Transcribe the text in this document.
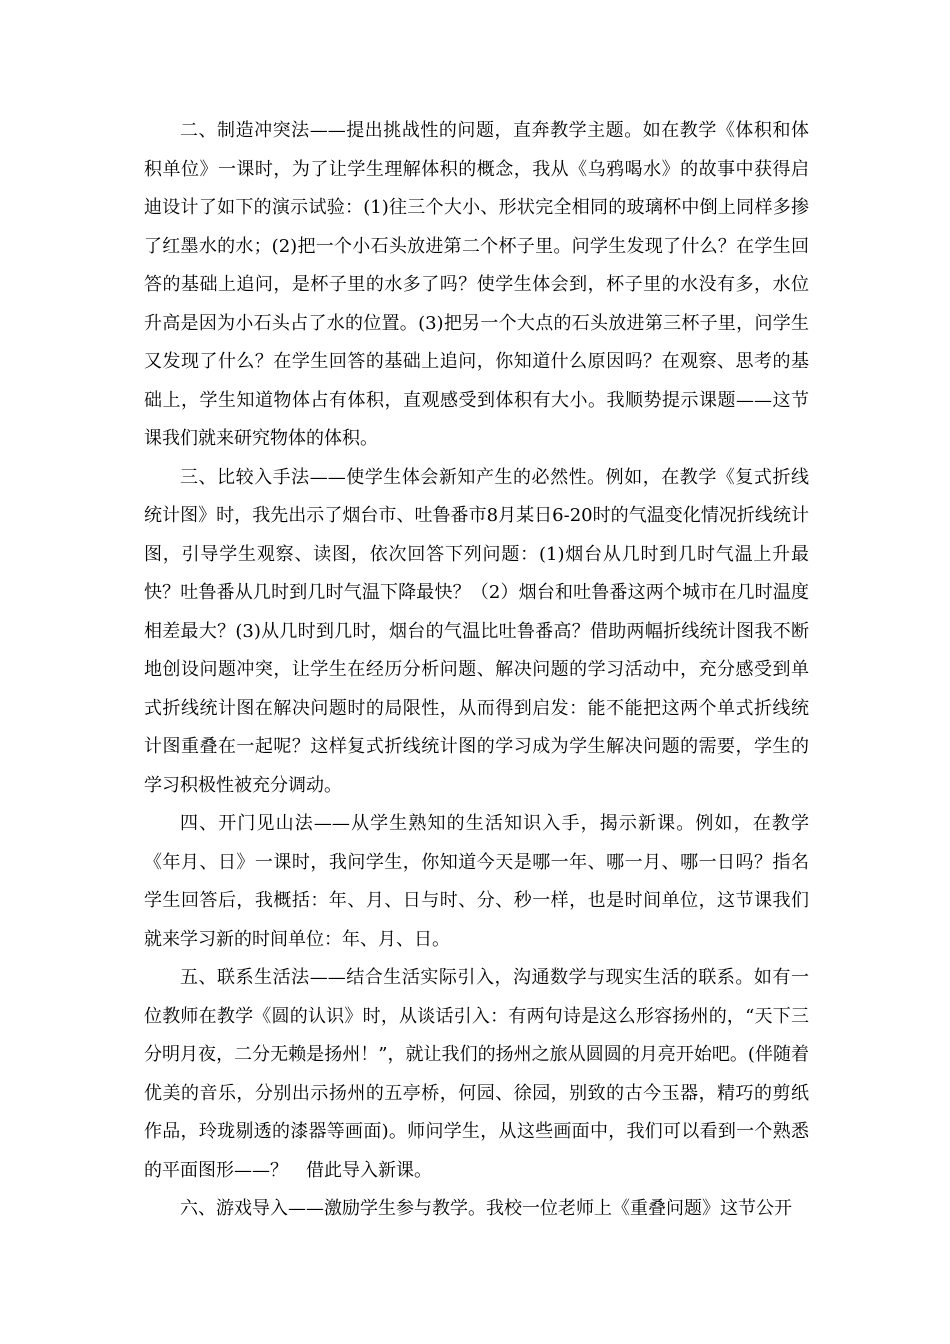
二、制造冲突法——提出挑战性的问题，直奔教学主题。如在教学《体积和体积单位》一课时，为了让学生理解体积的概念，我从《乌鸦喝水》的故事中获得启迪设计了如下的演示试验：(1)往三个大小、形状完全相同的玻璃杯中倒上同样多掺了红墨水的水；(2)把一个小石头放进第二个杯子里。问学生发现了什么？在学生回答的基础上追问，是杯子里的水多了吗？使学生体会到，杯子里的水没有多，水位升高是因为小石头占了水的位置。(3)把另一个大点的石头放进第三杯子里，问学生又发现了什么？在学生回答的基础上追问，你知道什么原因吗？在观察、思考的基础上，学生知道物体占有体积，直观感受到体积有大小。我顺势提示课题——这节课我们就来研究物体的体积。

三、比较入手法——使学生体会新知产生的必然性。例如，在教学《复式折线统计图》时，我先出示了烟台市、吐鲁番市8月某日6-20时的气温变化情况折线统计图，引导学生观察、读图，依次回答下列问题：(1)烟台从几时到几时气温上升最快？吐鲁番从几时到几时气温下降最快？（2）烟台和吐鲁番这两个城市在几时温度相差最大？(3)从几时到几时，烟台的气温比吐鲁番高？借助两幅折线统计图我不断地创设问题冲突，让学生在经历分析问题、解决问题的学习活动中，充分感受到单式折线统计图在解决问题时的局限性，从而得到启发：能不能把这两个单式折线统计图重叠在一起呢？这样复式折线统计图的学习成为学生解决问题的需要，学生的学习积极性被充分调动。

四、开门见山法——从学生熟知的生活知识入手，揭示新课。例如，在教学《年月、日》一课时，我问学生，你知道今天是哪一年、哪一月、哪一日吗？指名学生回答后，我概括：年、月、日与时、分、秒一样，也是时间单位，这节课我们就来学习新的时间单位：年、月、日。

五、联系生活法——结合生活实际引入，沟通数学与现实生活的联系。如有一位教师在教学《圆的认识》时，从谈话引入：有两句诗是这么形容扬州的，“天下三分明月夜，二分无赖是扬州！”，就让我们的扬州之旅从圆圆的月亮开始吧。(伴随着优美的音乐，分别出示扬州的五亭桥，何园、徐园，别致的古今玉器，精巧的剪纸作品，玲珑剔透的漆器等画面)。师问学生，从这些画面中，我们可以看到一个熟悉的平面图形——？　借此导入新课。

六、游戏导入——激励学生参与教学。我校一位老师上《重叠问题》这节公开
